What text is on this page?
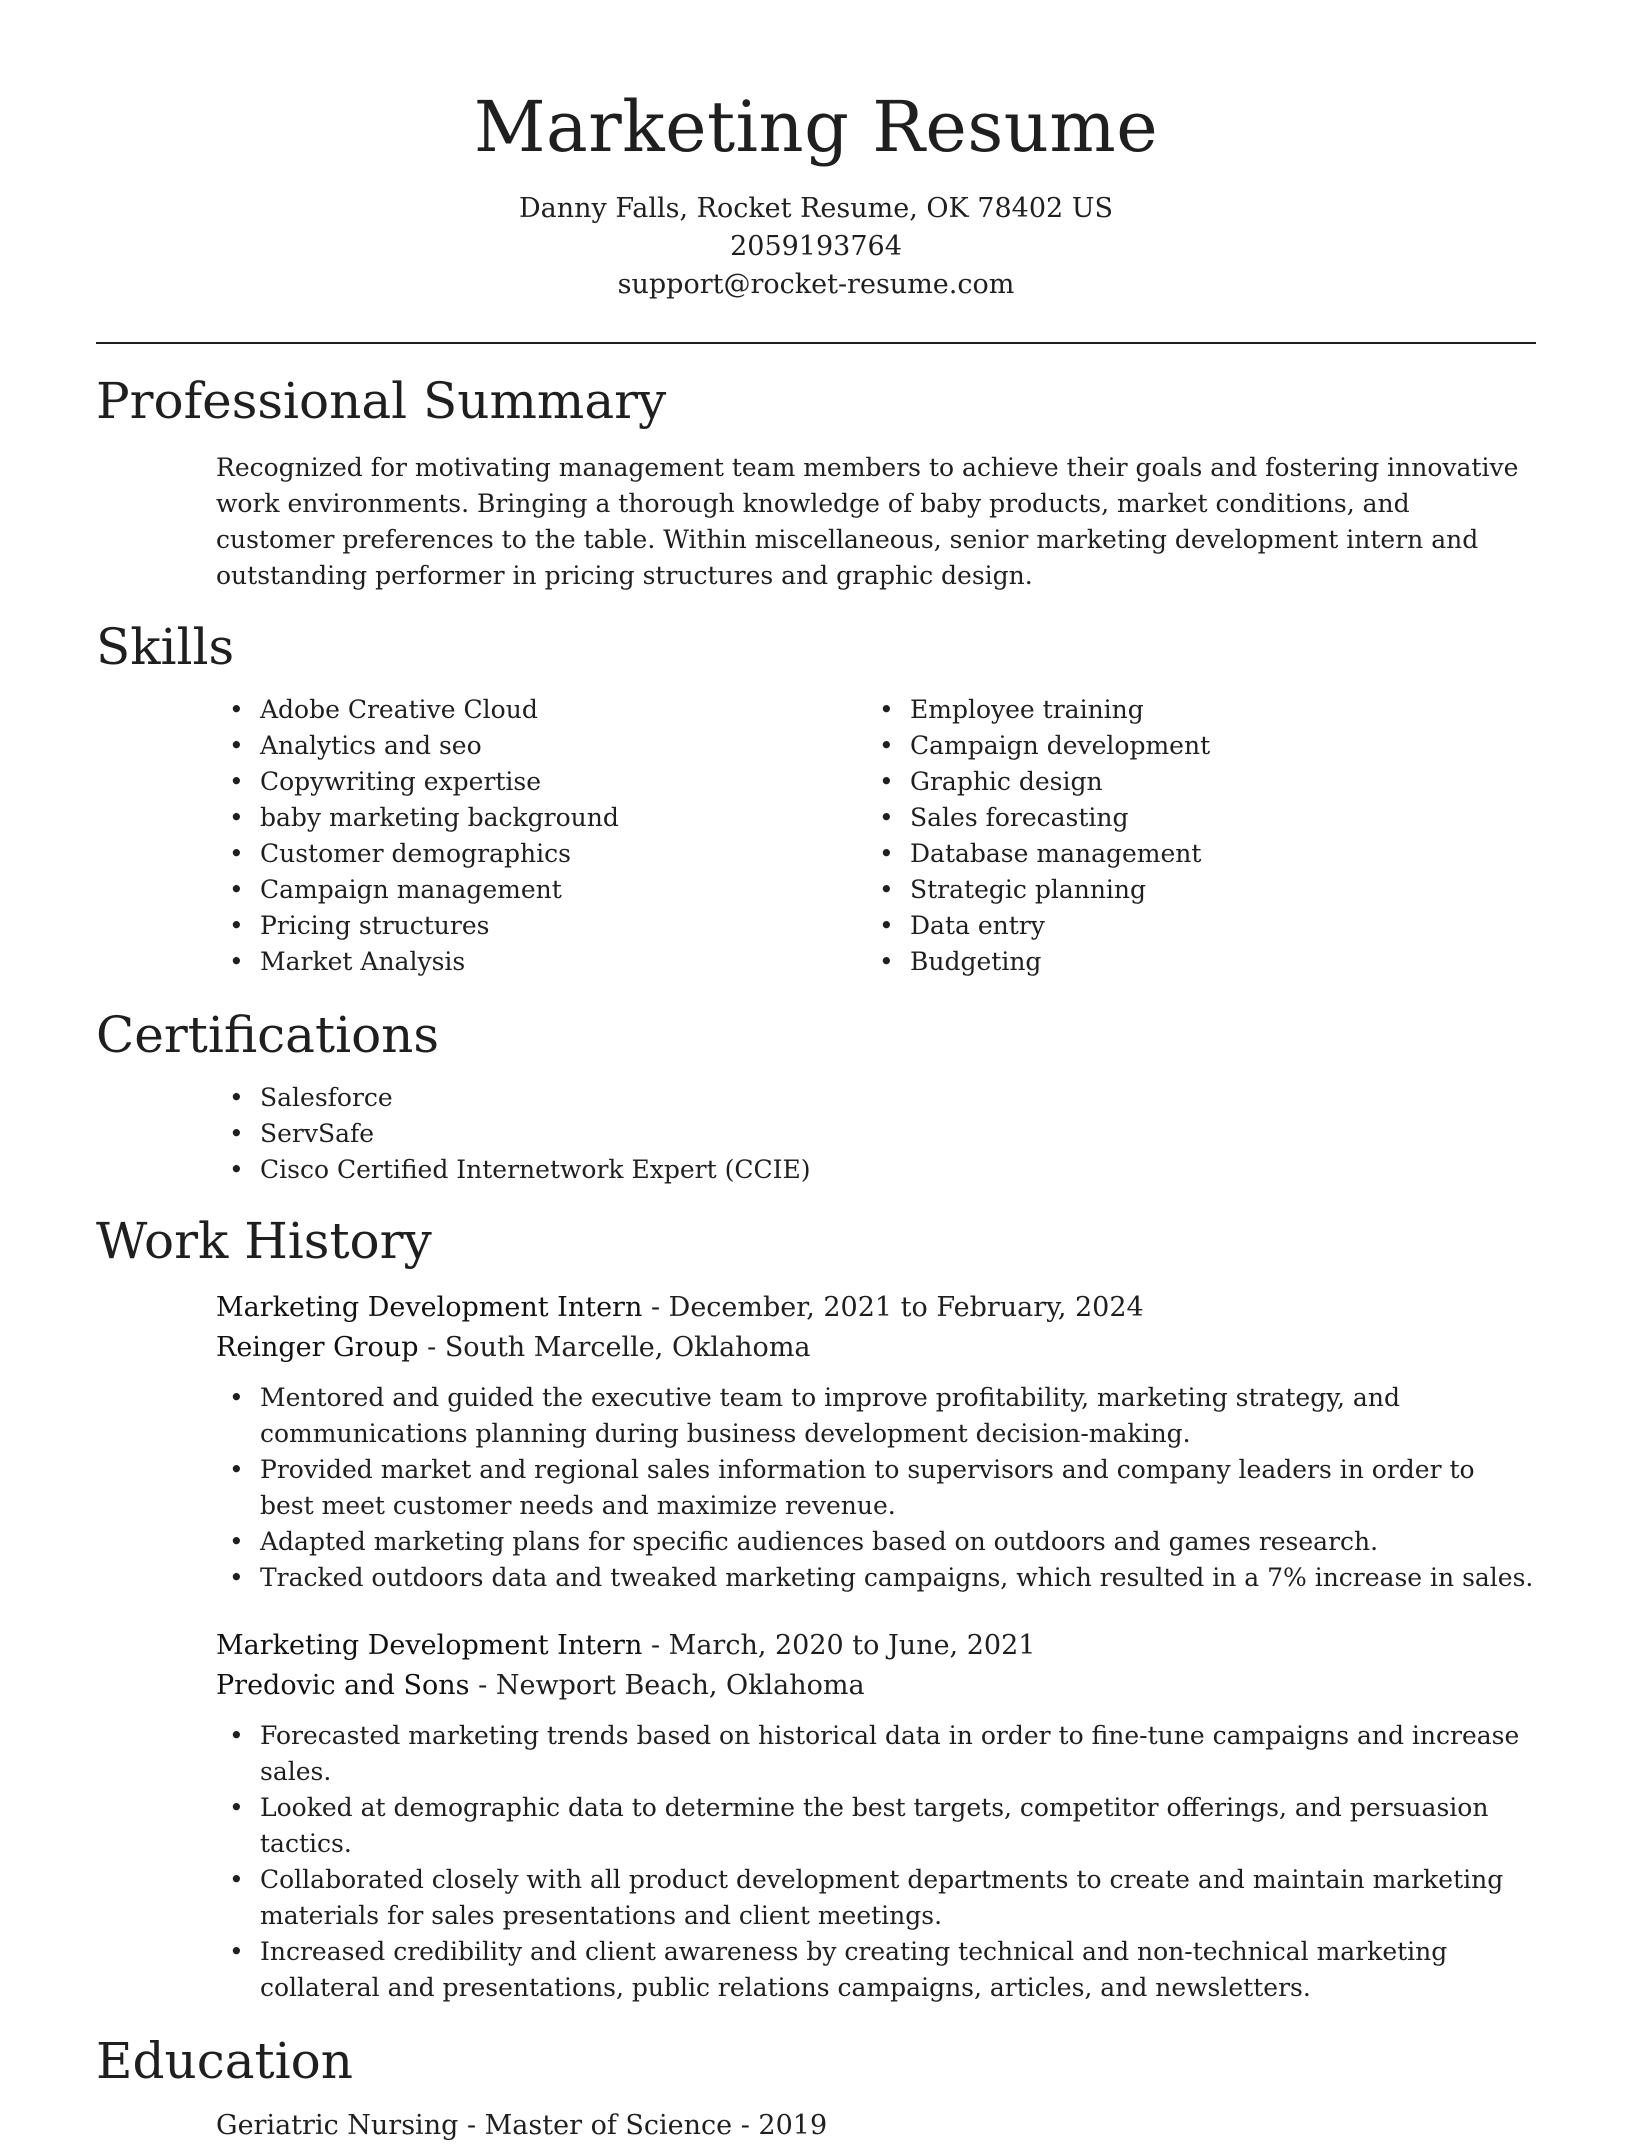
Marketing Resume
Danny Falls, Rocket Resume, OK 78402 US
2059193764
support@rocket-resume.com
Professional Summary

Recognized for motivating management team members to achieve their goals and fostering innovative work environments. Bringing a thorough knowledge of baby products, market conditions, and customer preferences to the table. Within miscellaneous, senior marketing development intern and outstanding performer in pricing structures and graphic design.

Skills
• Adobe Creative Cloud
• Analytics and seo
• Copywriting expertise
• baby marketing background
• Customer demographics
• Campaign management
• Pricing structures
• Market Analysis
• Employee training
• Campaign development
• Graphic design
• Sales forecasting
• Database management
• Strategic planning
• Data entry
• Budgeting
Certifications
• Salesforce
• ServSafe
• Cisco Certified Internetwork Expert (CCIE)
Work History
Marketing Development Intern - December, 2021 to February, 2024
Reinger Group - South Marcelle, Oklahoma
• Mentored and guided the executive team to improve profitability, marketing strategy, and communications planning during business development decision-making.
• Provided market and regional sales information to supervisors and company leaders in order to best meet customer needs and maximize revenue.
• Adapted marketing plans for specific audiences based on outdoors and games research.
• Tracked outdoors data and tweaked marketing campaigns, which resulted in a 7% increase in sales.
Marketing Development Intern - March, 2020 to June, 2021
Predovic and Sons - Newport Beach, Oklahoma
• Forecasted marketing trends based on historical data in order to fine-tune campaigns and increase sales.
• Looked at demographic data to determine the best targets, competitor offerings, and persuasion tactics.
• Collaborated closely with all product development departments to create and maintain marketing materials for sales presentations and client meetings.
• Increased credibility and client awareness by creating technical and non-technical marketing collateral and presentations, public relations campaigns, articles, and newsletters.
Education
Geriatric Nursing - Master of Science - 2019
